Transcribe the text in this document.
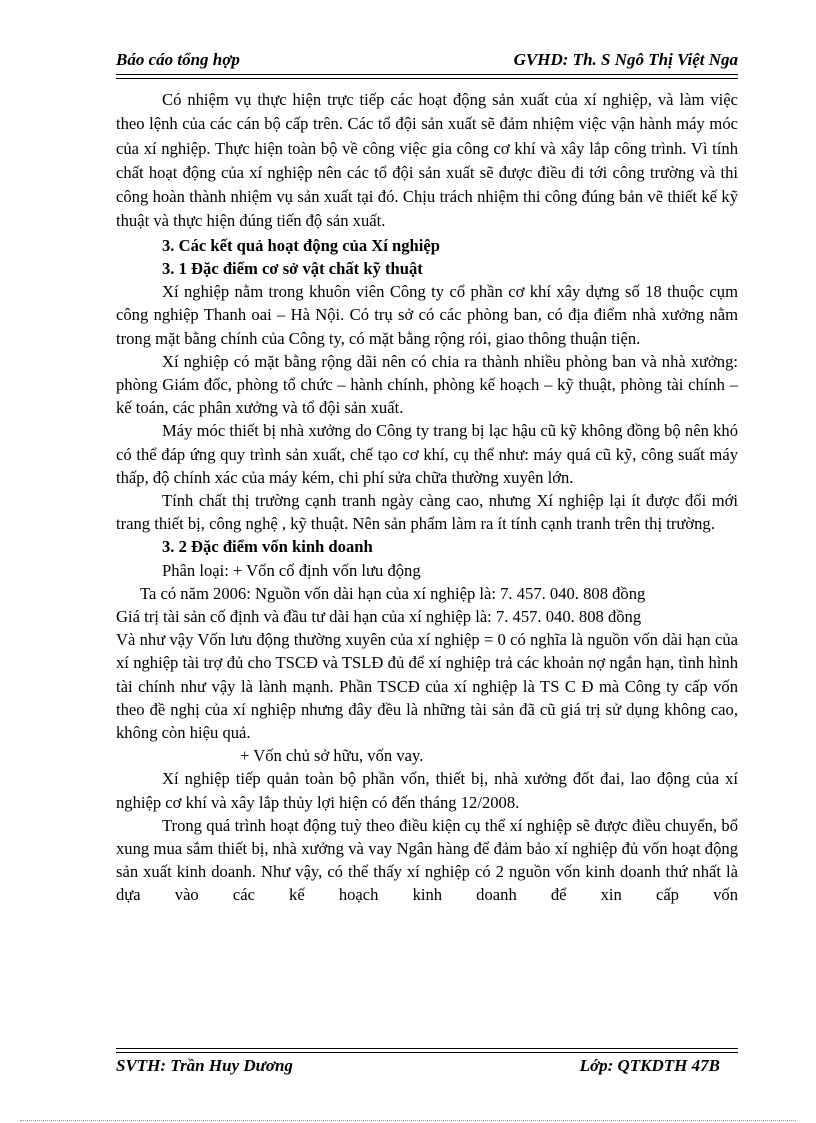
Báo cáo tổng hợp	GVHD: Th. S Ngô Thị Việt Nga

Có nhiệm vụ thực hiện trực tiếp các hoạt động sản xuất của xí nghiệp, và làm việc theo lệnh của các cán bộ cấp trên. Các tổ đội sản xuất sẽ đảm nhiệm việc vận hành máy móc của xí nghiệp. Thực hiện toàn bộ về công việc gia công cơ khí và xây lắp công trình. Vì tính chất hoạt động của xí nghiệp nên các tổ đội sản xuất sẽ được điều đi tới công trường và thi công hoàn thành nhiệm vụ sản xuất tại đó. Chịu trách nhiệm thi công đúng bản vẽ thiết kế kỹ thuật và thực hiện đúng tiến độ sản xuất.

3. Các kết quả hoạt động của Xí nghiệp

3. 1 Đặc điểm cơ sở vật chất kỹ thuật

Xí nghiệp nằm trong khuôn viên Công ty cổ phần cơ khí xây dựng số 18 thuộc cụm công nghiệp Thanh oai – Hà Nội. Có trụ sở có các phòng ban, có địa điểm nhà xưởng nằm trong mặt bằng chính của Công ty, có mặt bằng rộng rói, giao thông thuận tiện.

Xí nghiệp có mặt bằng rộng dãi nên có chia ra thành nhiều phòng ban và nhà xưởng: phòng Giám đốc, phòng tổ chức – hành chính, phòng kế hoạch – kỹ thuật, phòng tài chính – kế toán, các phân xưởng và tổ đội sản xuất.

Máy móc thiết bị nhà xưởng do Công ty trang bị lạc hậu cũ kỹ không đồng bộ nên khó có thể đáp ứng quy trình sản xuất, chế tạo cơ khí, cụ thể như: máy quá cũ kỹ, công suất máy thấp, độ chính xác của máy kém, chi phí sửa chữa thường xuyên lớn.

Tính chất thị trường cạnh tranh ngày càng cao, nhưng Xí nghiệp lại ít được đổi mới trang thiết bị, công nghệ , kỹ thuật. Nên sản phẩm làm ra ít tính cạnh tranh trên thị trường.

3. 2 Đặc điểm vốn kinh doanh

Phân loại: + Vốn cố định vốn lưu động

Ta có năm 2006: Nguồn vốn dài hạn của xí nghiệp là: 7. 457. 040. 808 đồng

Giá trị tài sản cố định và đầu tư dài hạn của xí nghiệp là: 7. 457. 040. 808 đồng

Và như vậy Vốn lưu động thường xuyên của xí nghiệp = 0 có nghĩa là nguồn vốn dài hạn của xí nghiệp tài trợ đủ cho TSCĐ và TSLĐ đủ để xí nghiệp trả các khoản nợ ngắn hạn, tình hình tài chính như vậy là lành mạnh. Phần TSCĐ của xí nghiệp là TS C Đ mà Công ty cấp vốn theo đề nghị của xí nghiệp nhưng đây đều là những tài sản đã cũ giá trị sử dụng không cao, không còn hiệu quả.

+ Vốn chủ sở hữu, vốn vay.

Xí nghiệp tiếp quản toàn bộ phần vốn, thiết bị, nhà xưởng đốt đai, lao động của xí nghiệp cơ khí và xây lắp thủy lợi hiện có đến tháng 12/2008.

Trong quá trình hoạt động tuỳ theo điều kiện cụ thể xí nghiệp sẽ được điều chuyển, bổ xung mua sắm thiết bị, nhà xưởng và vay Ngân hàng để đảm bảo xí nghiệp đủ vốn hoạt động sản xuất kinh doanh. Như vậy, có thể thấy xí nghiệp có 2 nguồn vốn kinh doanh thứ nhất là dựa vào các kế hoạch kinh doanh để xin cấp vốn

SVTH: Trần Huy Dương	Lớp: QTKDTH 47B
